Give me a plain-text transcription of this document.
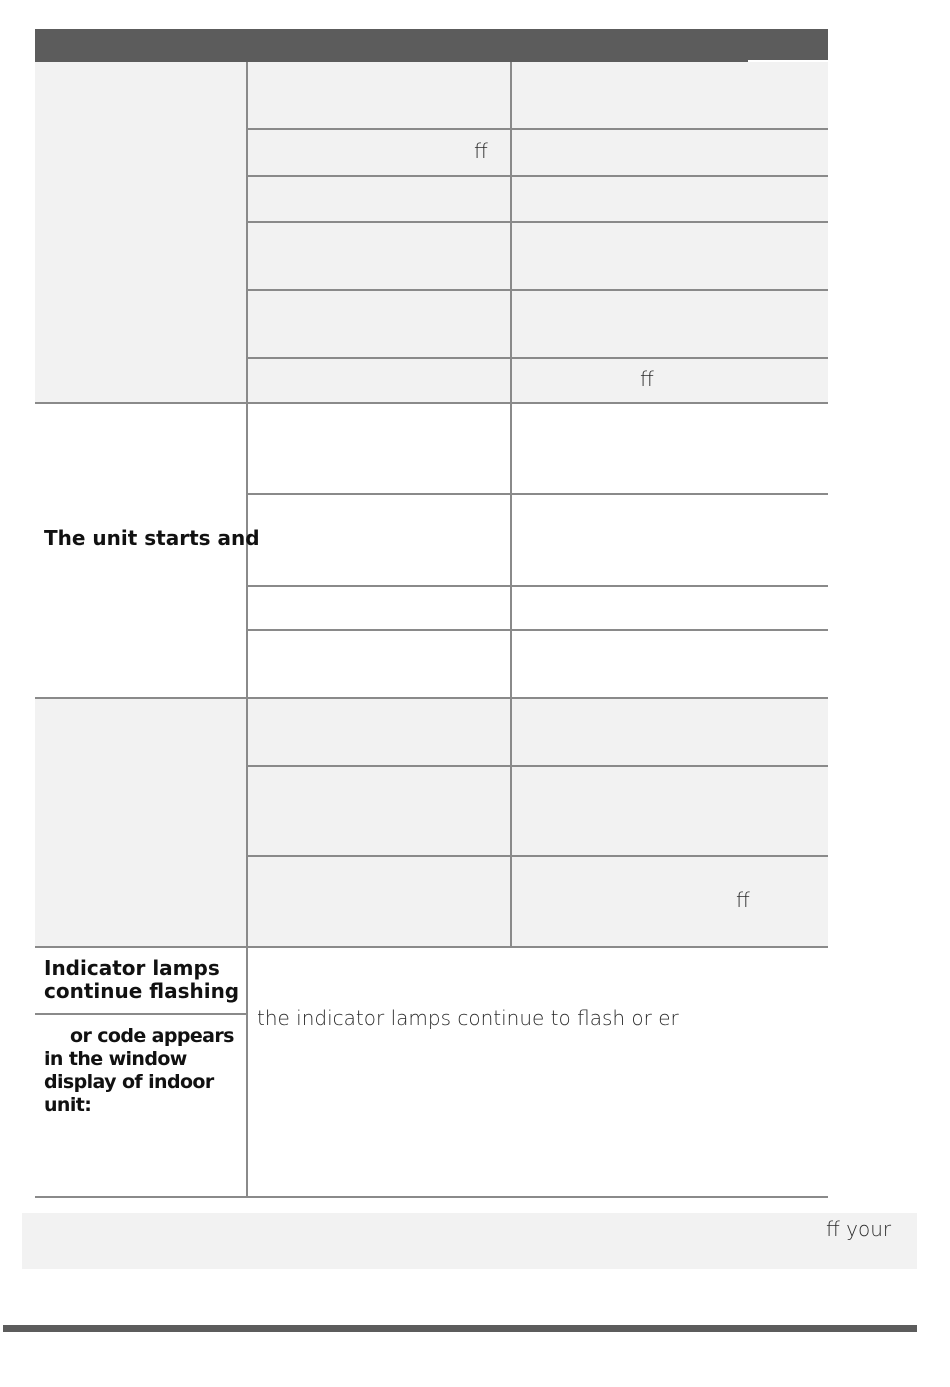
ff
ff
The unit starts and
ff
Indicator lamps continue flashing
or code appears in the window display of indoor unit:
the indicator lamps continue to flash or er
ff your
